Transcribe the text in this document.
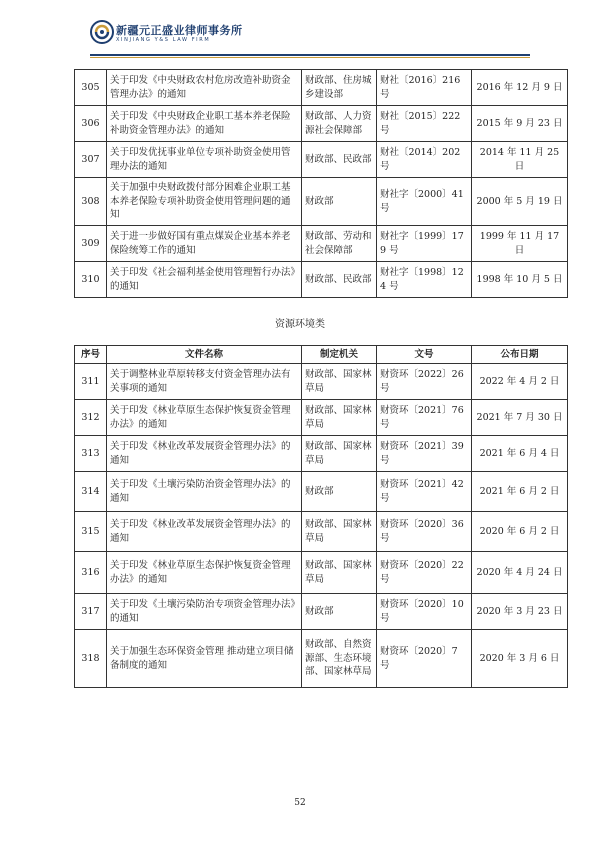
新疆元正盛业律师事务所
XINJIANG Y&S LAW FIRM
305	关于印发《中央财政农村危房改造补助资金管理办法》的通知	财政部、住房城乡建设部	财社〔2016〕216 号	2016 年 12 月 9 日
306	关于印发《中央财政企业职工基本养老保险补助资金管理办法》的通知	财政部、人力资源社会保障部	财社〔2015〕222 号	2015 年 9 月 23 日
307	关于印发优抚事业单位专项补助资金使用管理办法的通知	财政部、民政部	财社〔2014〕202 号	2014 年 11 月 25 日
308	关于加强中央财政拨付部分困难企业职工基本养老保险专项补助资金使用管理问题的通知	财政部	财社字〔2000〕41 号	2000 年 5 月 19 日
309	关于进一步做好国有重点煤炭企业基本养老保险统筹工作的通知	财政部、劳动和社会保障部	财社字〔1999〕179 号	1999 年 11 月 17 日
310	关于印发《社会福利基金使用管理暂行办法》的通知	财政部、民政部	财社字〔1998〕124 号	1998 年 10 月 5 日
资源环境类
序号	文件名称	制定机关	文号	公布日期
311	关于调整林业草原转移支付资金管理办法有关事项的通知	财政部、国家林草局	财资环〔2022〕26 号	2022 年 4 月 2 日
312	关于印发《林业草原生态保护恢复资金管理办法》的通知	财政部、国家林草局	财资环〔2021〕76 号	2021 年 7 月 30 日
313	关于印发《林业改革发展资金管理办法》的通知	财政部、国家林草局	财资环〔2021〕39 号	2021 年 6 月 4 日
314	关于印发《土壤污染防治资金管理办法》的通知	财政部	财资环〔2021〕42 号	2021 年 6 月 2 日
315	关于印发《林业改革发展资金管理办法》的通知	财政部、国家林草局	财资环〔2020〕36 号	2020 年 6 月 2 日
316	关于印发《林业草原生态保护恢复资金管理办法》的通知	财政部、国家林草局	财资环〔2020〕22 号	2020 年 4 月 24 日
317	关于印发《土壤污染防治专项资金管理办法》的通知	财政部	财资环〔2020〕10 号	2020 年 3 月 23 日
318	关于加强生态环保资金管理 推动建立项目储备制度的通知	财政部、自然资源部、生态环境部、国家林草局	财资环〔2020〕7 号	2020 年 3 月 6 日
52
